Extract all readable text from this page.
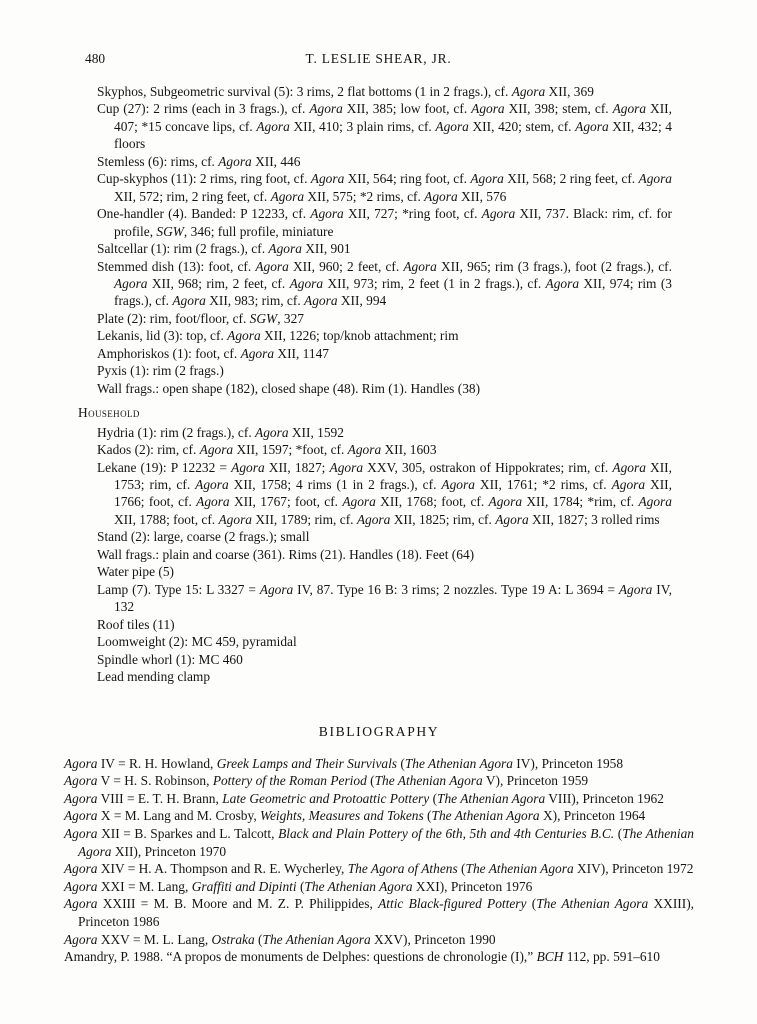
480	T. LESLIE SHEAR, JR.

Skyphos, Subgeometric survival (5): 3 rims, 2 flat bottoms (1 in 2 frags.), cf. Agora XII, 369

Cup (27): 2 rims (each in 3 frags.), cf. Agora XII, 385; low foot, cf. Agora XII, 398; stem, cf. Agora XII, 407; *15 concave lips, cf. Agora XII, 410; 3 plain rims, cf. Agora XII, 420; stem, cf. Agora XII, 432; 4 floors

Stemless (6): rims, cf. Agora XII, 446

Cup-skyphos (11): 2 rims, ring foot, cf. Agora XII, 564; ring foot, cf. Agora XII, 568; 2 ring feet, cf. Agora XII, 572; rim, 2 ring feet, cf. Agora XII, 575; *2 rims, cf. Agora XII, 576

One-handler (4). Banded: P 12233, cf. Agora XII, 727; *ring foot, cf. Agora XII, 737. Black: rim, cf. for profile, SGW, 346; full profile, miniature

Saltcellar (1): rim (2 frags.), cf. Agora XII, 901

Stemmed dish (13): foot, cf. Agora XII, 960; 2 feet, cf. Agora XII, 965; rim (3 frags.), foot (2 frags.), cf. Agora XII, 968; rim, 2 feet, cf. Agora XII, 973; rim, 2 feet (1 in 2 frags.), cf. Agora XII, 974; rim (3 frags.), cf. Agora XII, 983; rim, cf. Agora XII, 994

Plate (2): rim, foot/floor, cf. SGW, 327

Lekanis, lid (3): top, cf. Agora XII, 1226; top/knob attachment; rim

Amphoriskos (1): foot, cf. Agora XII, 1147

Pyxis (1): rim (2 frags.)

Wall frags.: open shape (182), closed shape (48). Rim (1). Handles (38)

Household

Hydria (1): rim (2 frags.), cf. Agora XII, 1592

Kados (2): rim, cf. Agora XII, 1597; *foot, cf. Agora XII, 1603

Lekane (19): P 12232 = Agora XII, 1827; Agora XXV, 305, ostrakon of Hippokrates; rim, cf. Agora XII, 1753; rim, cf. Agora XII, 1758; 4 rims (1 in 2 frags.), cf. Agora XII, 1761; *2 rims, cf. Agora XII, 1766; foot, cf. Agora XII, 1767; foot, cf. Agora XII, 1768; foot, cf. Agora XII, 1784; *rim, cf. Agora XII, 1788; foot, cf. Agora XII, 1789; rim, cf. Agora XII, 1825; rim, cf. Agora XII, 1827; 3 rolled rims

Stand (2): large, coarse (2 frags.); small

Wall frags.: plain and coarse (361). Rims (21). Handles (18). Feet (64)

Water pipe (5)

Lamp (7). Type 15: L 3327 = Agora IV, 87. Type 16 B: 3 rims; 2 nozzles. Type 19 A: L 3694 = Agora IV, 132

Roof tiles (11)

Loomweight (2): MC 459, pyramidal

Spindle whorl (1): MC 460

Lead mending clamp

BIBLIOGRAPHY

Agora IV = R. H. Howland, Greek Lamps and Their Survivals (The Athenian Agora IV), Princeton 1958

Agora V = H. S. Robinson, Pottery of the Roman Period (The Athenian Agora V), Princeton 1959

Agora VIII = E. T. H. Brann, Late Geometric and Protoattic Pottery (The Athenian Agora VIII), Princeton 1962

Agora X = M. Lang and M. Crosby, Weights, Measures and Tokens (The Athenian Agora X), Princeton 1964

Agora XII = B. Sparkes and L. Talcott, Black and Plain Pottery of the 6th, 5th and 4th Centuries B.C. (The Athenian Agora XII), Princeton 1970

Agora XIV = H. A. Thompson and R. E. Wycherley, The Agora of Athens (The Athenian Agora XIV), Princeton 1972

Agora XXI = M. Lang, Graffiti and Dipinti (The Athenian Agora XXI), Princeton 1976

Agora XXIII = M. B. Moore and M. Z. P. Philippides, Attic Black-figured Pottery (The Athenian Agora XXIII), Princeton 1986

Agora XXV = M. L. Lang, Ostraka (The Athenian Agora XXV), Princeton 1990

Amandry, P. 1988. “A propos de monuments de Delphes: questions de chronologie (I),” BCH 112, pp. 591–610
